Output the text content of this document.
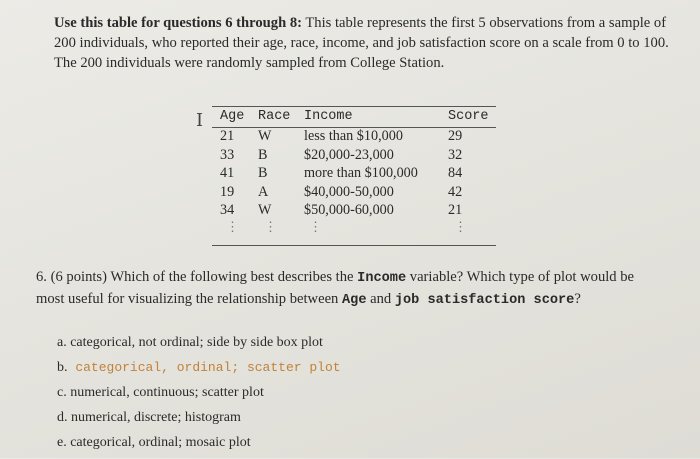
Use this table for questions 6 through 8: This table represents the first 5 observations from a sample of 200 individuals, who reported their age, race, income, and job satisfaction score on a scale from 0 to 100. The 200 individuals were randomly sampled from College Station.
I Age Race Income	Score
21 W less than $10,000	29
33 B	$20,000-23,000	32
41 B	more than $100,000 84
19 A	$40,000-50,000	42
34 W $50,000-60,000	21
⋮ ⋮ ⋮	⋮
6. (6 points) Which of the following best describes the Income variable? Which type of plot would be most useful for visualizing the relationship between Age and job satisfaction score?
a. categorical, not ordinal; side by side box plot
b. categorical, ordinal; scatter plot
c. numerical, continuous; scatter plot
d. numerical, discrete; histogram
e. categorical, ordinal; mosaic plot
